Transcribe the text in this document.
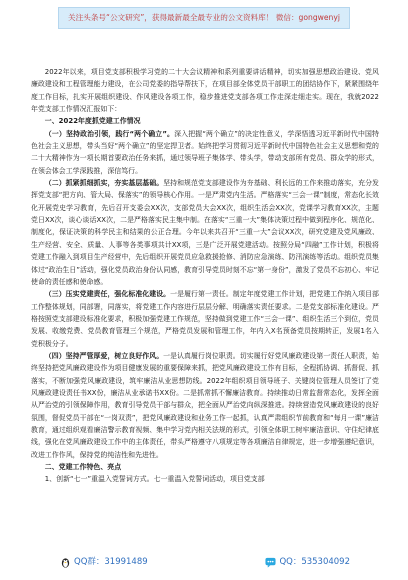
关注头条号“公文研究”，获得最新最全最专业的公文资料库！ 微信：gongwenyj

2022年以来，项目党支部积极学习党的二十大会议精神和系列重要讲话精神，切实加强思想政治建设、党风廉政建设和工程管理能力建设，在公司党委的指导帮扶下，在项目部全体党员干部职工的团结协作下，紧紧围绕年度工作目标，扎实开展组织建设、作风建设各项工作，稳步推进党支部各项工作走深走细走实。现在，我就2022年党支部工作情况汇报如下：

一、2022年度抓党建工作情况

（一）坚持政治引领，践行“两个确立”。深入把握“两个确立”的决定性意义，学深悟透习近平新时代中国特色社会主义思想，带头当好“两个确立”的坚定捍卫者。始终把学习贯彻习近平新时代中国特色社会主义思想和党的二十大精神作为一项长期首要政治任务来抓，通过领导班子集体学、带头学，带动支部所有党员、群众学的形式，在领会体会工学深践推，深信笃行。

（二）抓紧抓细抓实，夯实基层基础。坚持和规范党支部建设作为夯基础、利长远的工作来推动落实，充分发挥党支部“把方向、管大局、保落实”的领导核心作用。一是严肃党内生活。严格落实“三会一课”制度，常态化长效化开展党史学习教育，先后召开支委会XX次，支部党员大会XX次，组织生活会XX次，党课学习教育XX次，主题党日XX次，谈心谈话XX次，二是严格落实民主集中制。在落实“三重一大”集体决策过程中做到程序化、规范化、制度化，保证决策的科学民主和结果的公正合理。今年以来共召开“三重一大”会议XX次，研究党建及党风廉政、生产经营、安全、质量、人事等各类事项共计XX项，三是广泛开展党建活动。按照分局“四融”工作计划，积极将党建工作融入到项目生产经营中，先后组织开展党员应急救援抢修、消防应急演练、防汛演练等活动。组织党员集体过“政治生日”活动，强化党员政治身份认同感，教育引导党员时刻不忘“第一身份”，激发了党员不忘初心、牢记使命的责任感和使命感。

（三）压实党建责任，强化标准化建设。一是履行第一责任。制定年度党建工作计划，把党建工作纳入项目部工作整体规划，同部署，同落实，将党建工作内容进行层层分解、明确落实责任要求。二是党支部标准化建设。严格按照党支部建设标准化要求，积极加强党建工作规范，坚持做到党建工作“三会一课”、组织生活三个到位，党员发展、收缴党费、党员教育管理三个规范，严格党员发展和管理工作，年内入X名预备党员按期转正，发展1名入党积极分子。

（四）坚持严管厚爱，树立良好作风。一是认真履行岗位职责。切实履行好党风廉政建设第一责任人职责，始终坚持把党风廉政建设作为项目健康发展的重要保障来抓，把党风廉政建设工作有目标，全程抓协调、抓督促、抓落实，不断加强党风廉政建设，筑牢廉洁从业思想防线。2022年组织项目领导班子、关键岗位管理人员签订了党风廉政建设责任书XX份，廉洁从业承诺书XX份。二是抓常抓不懈廉洁教育。持续推动日常监督常态化，发挥全面从严治党的引领保障作用，教育引导党员干部与群众，把全面从严治党向纵深推进。持续营造党风廉政建设的良好氛围，督促党员干部在“一岗双责”，把党风廉政建设和业务工作一起抓，认真严肃组织节前教育和“每月一课”廉洁教育，通过组织观看廉洁警示教育视频、集中学习党内相关法规的形式，引领全体职工树牢廉洁意识、守住纪律底线，强化在党风廉政建设工作中的主体责任，带头严格遵守八项规定等各项廉洁自律规定，进一步增强遵纪意识，改进工作作风，保持党的纯洁性和先进性。

二、党建工作特色、亮点

1、创新“七一”重温入党誓词方式。七一重温入党誓词活动，项目党支部

QQ群：31991489	QQ：535304092
